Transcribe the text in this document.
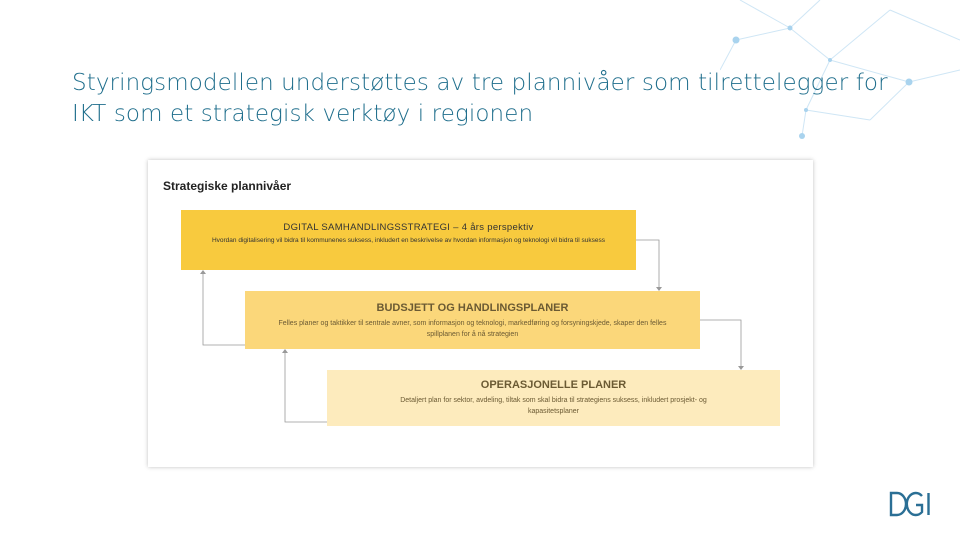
Styringsmodellen understøttes av tre plannivåer som tilrettelegger for
IKT som et strategisk verktøy i regionen
Strategiske plannivåer
DGITAL SAMHANDLINGSSTRATEGI – 4 års perspektiv
Hvordan digitalisering vil bidra til kommunenes suksess, inkludert en beskrivelse av hvordan informasjon og teknologi vil bidra til suksess
BUDSJETT OG HANDLINGSPLANER
Felles planer og taktikker til sentrale avner, som informasjon og teknologi, markedføring og forsyningskjede, skaper den felles spillplanen for å nå strategien
OPERASJONELLE PLANER
Detaljert plan for sektor, avdeling, tiltak som skal bidra til strategiens suksess, inkludert prosjekt- og kapasitetsplaner
